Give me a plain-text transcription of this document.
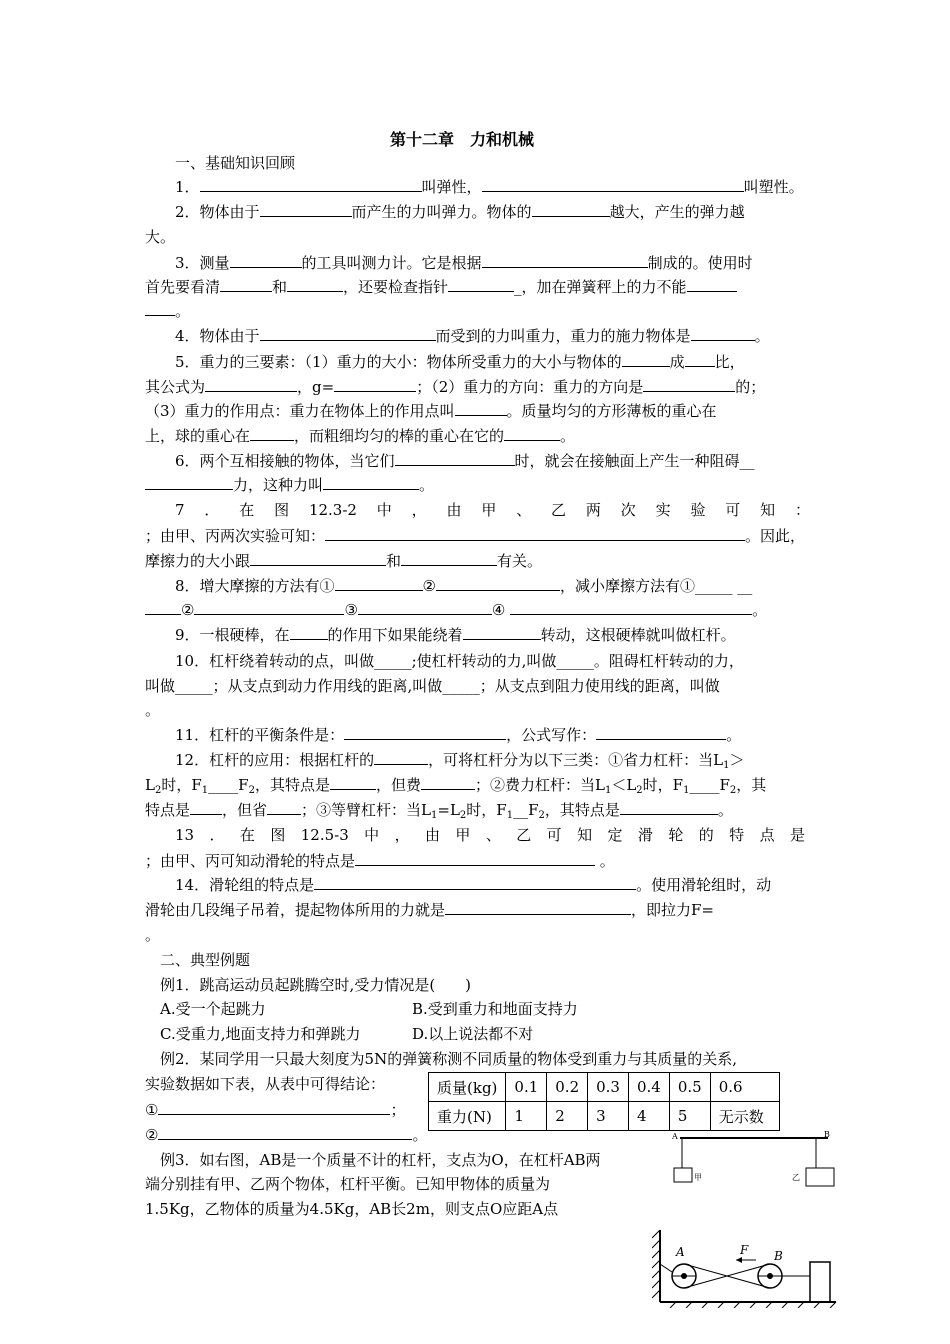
第十二章　力和机械
一、基础知识回顾
1．	叫弹性，	叫塑性。
2．物体由于	而产生的力叫弹力。物体的	越大，产生的弹力越
大。
3．测量	的工具叫测力计。它是根据	制成的。使用时
首先要看清	和	，还要检查指针	_，加在弹簧秤上的力不能
。
4．物体由于	而受到的力叫重力，重力的施力物体是	。
5．重力的三要素：（1）重力的大小：物体所受重力的大小与物体的	成 比，
其公式为	，g=	；（2）重力的方向：重力的方向是	的；
（3）重力的作用点：重力在物体上的作用点叫	。质量均匀的方形薄板的重心在
上，球的重心在	，而粗细均匀的棒的重心在它的	。
6．两个互相接触的物体，当它们	时，就会在接触面上产生一种阻碍__
力，这种力叫	。
7．在图12.3-2中，由甲、乙两次实验可知：
；由甲、丙两次实验可知：	。因此，
摩擦力的大小跟	和	有关。
8．增大摩擦的方法有①	②	，减小摩擦方法有①_____ __
②	③	④	。
9．一根硬棒，在	的作用下如果能绕着	转动，这根硬棒就叫做杠杆。
10．杠杆绕着转动的点，叫做_____;使杠杆转动的力,叫做_____。阻碍杠杆转动的力，
叫做_____；从支点到动力作用线的距离,叫做_____；从支点到阻力使用线的距离，叫做
。
11．杠杆的平衡条件是：	，公式写作：	。
12．杠杆的应用：根据杠杆的	，可将杠杆分为以下三类：①省力杠杆：当$L_1>$
$L_2$时，$F_1\_\_\_\_F_2$，其特点是	，但费	；②费力杠杆：当$L_1<L_2$时，$F_1\_\_\_\_F_2$，其
特点是 ，但省 ；③等臂杠杆：当$L_1=L_2$时，$F_1\_\_F_2$，其特点是	。
13．在图12.5-3中，由甲、乙可知定滑轮的特点是
；由甲、丙可知动滑轮的特点是	。
14．滑轮组的特点是	。使用滑轮组时，动
滑轮由几段绳子吊着，提起物体所用的力就是	，即拉力F=
。
二、典型例题
例1．跳高运动员起跳腾空时,受力情况是(　　)
A.受一个起跳力	B.受到重力和地面支持力
C.受重力,地面支持力和弹跳力	D.以上说法都不对
例2．某同学用一只最大刻度为5N的弹簧称测不同质量的物体受到重力与其质量的关系,
实验数据如下表，从表中可得结论：
①	；
②	。
质量(kg)	0.1	0.2	0.3	0.4	0.5	0.6
重力(N)	1	2	3	4	5	无示数
例3．如右图，AB是一个质量不计的杠杆，支点为O，在杠杆AB两
端分别挂有甲、乙两个物体，杠杆平衡。已知甲物体的质量为
1.5Kg，乙物体的质量为4.5Kg，AB长2m，则支点O应距A点
甲	乙
A	B
A	F B
